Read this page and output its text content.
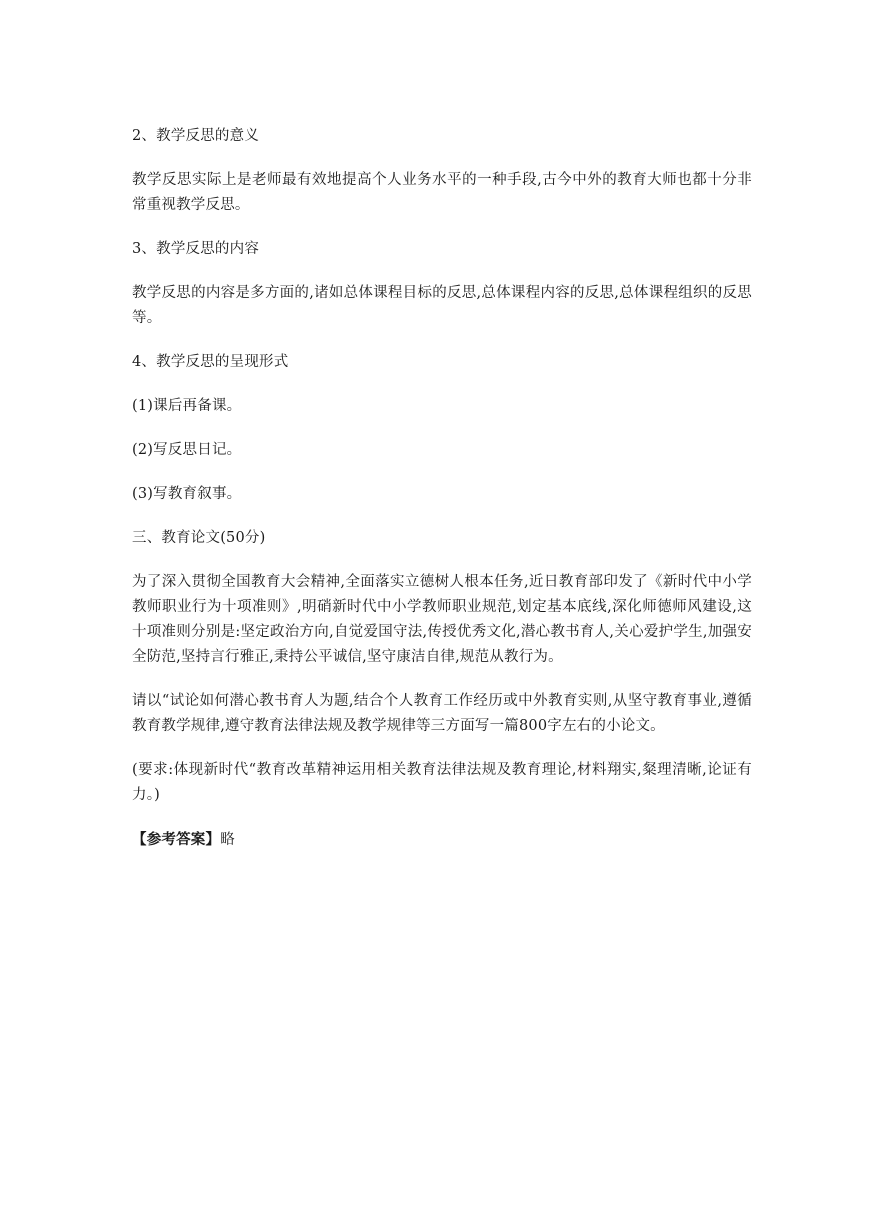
2、教学反思的意义

教学反思实际上是老师最有效地提高个人业务水平的一种手段,古今中外的教育大师也都十分非常重视教学反思。

3、教学反思的内容

教学反思的内容是多方面的,诸如总体课程目标的反思,总体课程内容的反思,总体课程组织的反思等。

4、教学反思的呈现形式

(1)课后再备课。

(2)写反思日记。

(3)写教育叙事。

三、教育论文(50分)

为了深入贯彻全国教育大会精神,全面落实立德树人根本任务,近日教育部印发了《新时代中小学教师职业行为十项准则》,明硝新时代中小学教师职业规范,划定基本底线,深化师德师风建设,这十项准则分别是:坚定政治方向,自觉爱国守法,传授优秀文化,潜心教书育人,关心爱护学生,加强安全防范,坚持言行雅正,秉持公平诚信,坚守康洁自律,规范从教行为。

请以“试论如何潜心教书育人为题,结合个人教育工作经历或中外教育实则,从坚守教育事业,遵循教育教学规律,遵守教育法律法规及教学规律等三方面写一篇800字左右的小论文。

(要求:体现新时代“教育改革精神运用相关教育法律法规及教育理论,材料翔实,粲理清晰,论证有力。)

【参考答案】略
